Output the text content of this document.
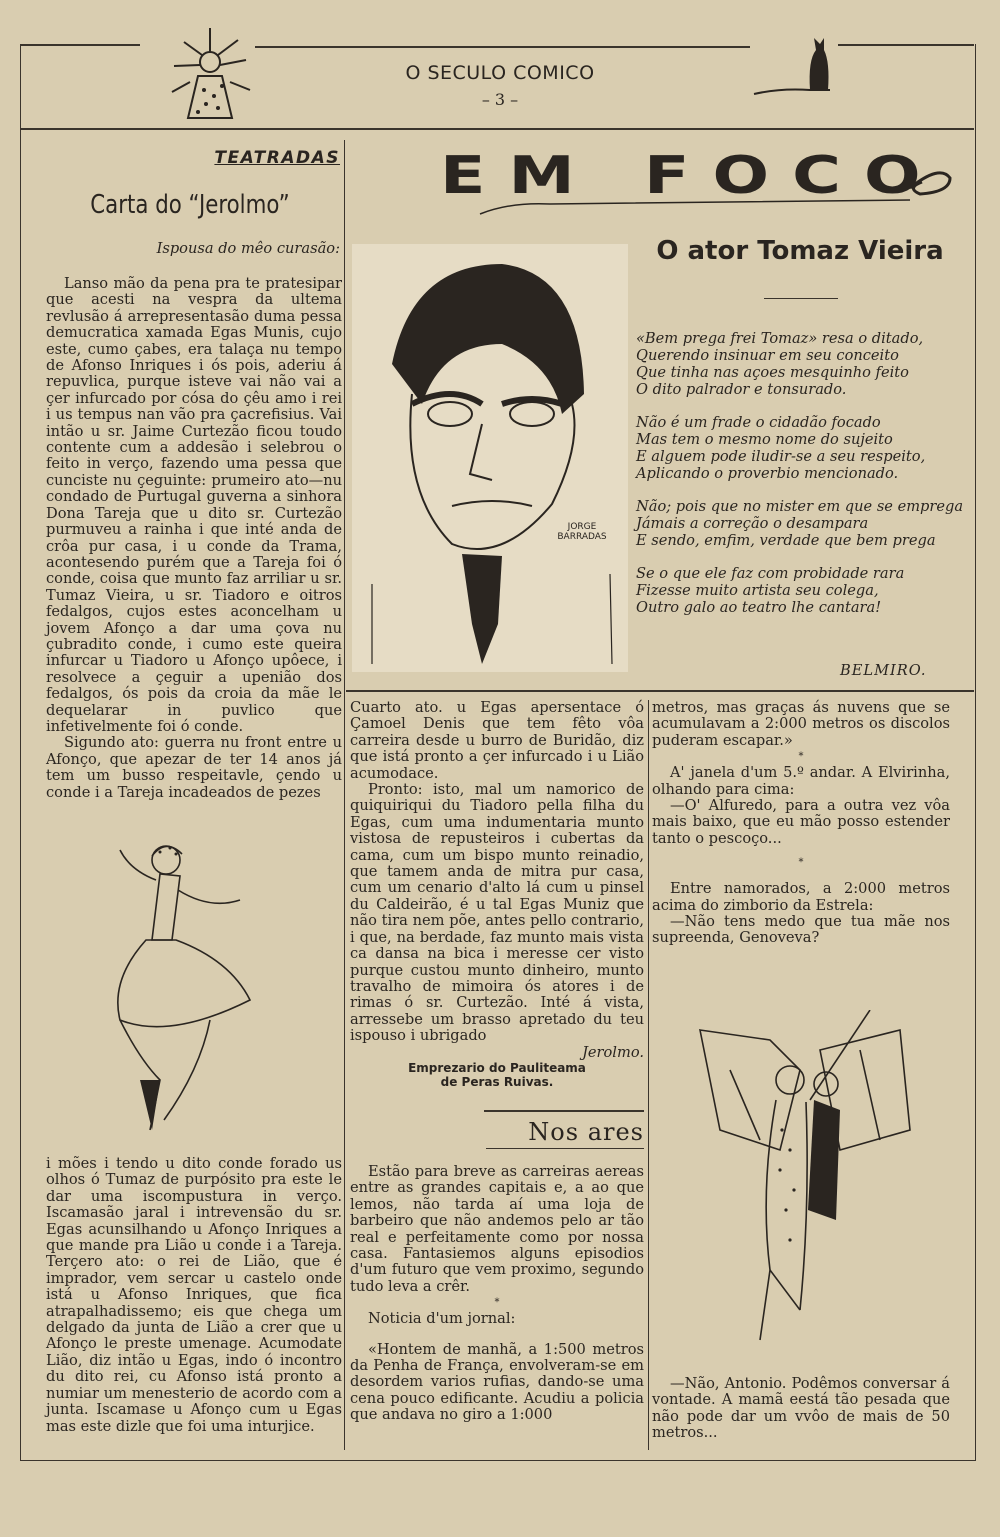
O SECULO COMICO
– 3 –
TEATRADAS
Carta do “Jerolmo”
Ispousa do mêo curasão:

Lanso mão da pena pra te pratesipar que acesti na vespra da ultema revlusão á arrepresentasão duma pessa demucratica xamada Egas Munis, cujo este, cumo çabes, era talaça nu tempo de Afonso Inriques i ós pois, aderiu á repuvlica, purque isteve vai não vai a çer infurcado por cósa do çêu amo i rei i us tempus nan vão pra çacrefisius. Vai intão u sr. Jaime Curtezão ficou toudo contente cum a addesão i selebrou o feito in verço, fazendo uma pessa que cunciste nu çeguinte: prumeiro ato—nu condado de Purtugal guverna a sinhora Dona Tareja que u dito sr. Curtezão purmuveu a rainha i que inté anda de crôa pur casa, i u conde da Trama, acontesendo purém que a Tareja foi ó conde, coisa que munto faz arriliar u sr. Tumaz Vieira, u sr. Tiadoro e oitros fedalgos, cujos estes aconcelham u jovem Afonço a dar uma çova nu çubradito conde, i cumo este queira infurcar u Tiadoro u Afonço upôece, i resolvece a çeguir a upenião dos fedalgos, ós pois da croia da mãe le dequelarar in puvlico que infetivelmente foi ó conde.

Sigundo ato: guerra nu front entre u Afonço, que apezar de ter 14 anos já tem um busso respeitavle, çendo u conde i a Tareja incadeados de pezes

i mões i tendo u dito conde forado us olhos ó Tumaz de purpósito pra este le dar uma iscompustura in verço. Iscamasão jaral i intrevensão du sr. Egas acunsilhando u Afonço Inriques a que mande pra Lião u conde i a Tareja. Terçero ato: o rei de Lião, que é imprador, vem sercar u castelo onde istá u Afonso Inriques, que fica atrapalhadissemo; eis que chega um delgado da junta de Lião a crer que u Afonço le preste umenage. Acumodate Lião, diz intão u Egas, indo ó incontro du dito rei, cu Afonso istá pronto a numiar um menesterio de acordo com a junta. Iscamase u Afonço cum u Egas mas este dizle que foi uma inturjice.

Cuarto ato. u Egas apersentace ó Çamoel Denis que tem fêto vôa carreira desde u burro de Buridão, diz que istá pronto a çer infurcado i u Lião acumodace.

Pronto: isto, mal um namorico de quiquiriqui du Tiadoro pella filha du Egas, cum uma indumentaria munto vistosa de repusteiros i cubertas da cama, cum um bispo munto reinadio, que tamem anda de mitra pur casa, cum um cenario d'alto lá cum u pinsel du Caldeirão, é u tal Egas Muniz que não tira nem põe, antes pello contrario, i que, na berdade, faz munto mais vista ca dansa na bica i meresse cer visto purque custou munto dinheiro, munto travalho de mimoira ós atores i de rimas ó sr. Curtezão. Inté á vista, arressebe um brasso apretado du teu ispouso i ubrigado

Jerolmo.

Emprezario do Pauliteama

de Peras Ruivas.

EM FOCO
JORGE BARRADAS
O ator Tomaz Vieira

«Bem prega frei Tomaz» resa o ditado,
Querendo insinuar em seu conceito
Que tinha nas açoes mesquinho feito
O dito palrador e tonsurado.

Não é um frade o cidadão focado
Mas tem o mesmo nome do sujeito
E alguem pode iludir-se a seu respeito,
Aplicando o proverbio mencionado.

Não; pois que no mister em que se emprega
Jámais a correção o desampara
E sendo, emfim, verdade que bem prega

Se o que ele faz com probidade rara
Fizesse muito artista seu colega,
Outro galo ao teatro lhe cantara!

BELMIRO.
Nos ares

Estão para breve as carreiras aereas entre as grandes capitais e, a ao que lemos, não tarda aí uma loja de barbeiro que não andemos pelo ar tão real e perfeitamente como por nossa casa. Fantasiemos alguns episodios d'um futuro que vem proximo, segundo tudo leva a crêr.

*

Noticia d'um jornal:

«Hontem de manhã, a 1:500 metros da Penha de França, envolveram-se em desordem varios rufias, dando-se uma cena pouco edificante. Acudiu a policia que andava no giro a 1:000

metros, mas graças ás nuvens que se acumulavam a 2:000 metros os discolos puderam escapar.»

*

A' janela d'um 5.º andar. A Elvirinha, olhando para cima:

—O' Alfuredo, para a outra vez vôa mais baixo, que eu mão posso estender tanto o pescoço...

*

Entre namorados, a 2:000 metros acima do zimborio da Estrela:

—Não tens medo que tua mãe nos supreenda, Genoveva?

—Não, Antonio. Podêmos conversar á vontade. A mamã eestá tão pesada que não pode dar um vvôo de mais de 50 metros...
